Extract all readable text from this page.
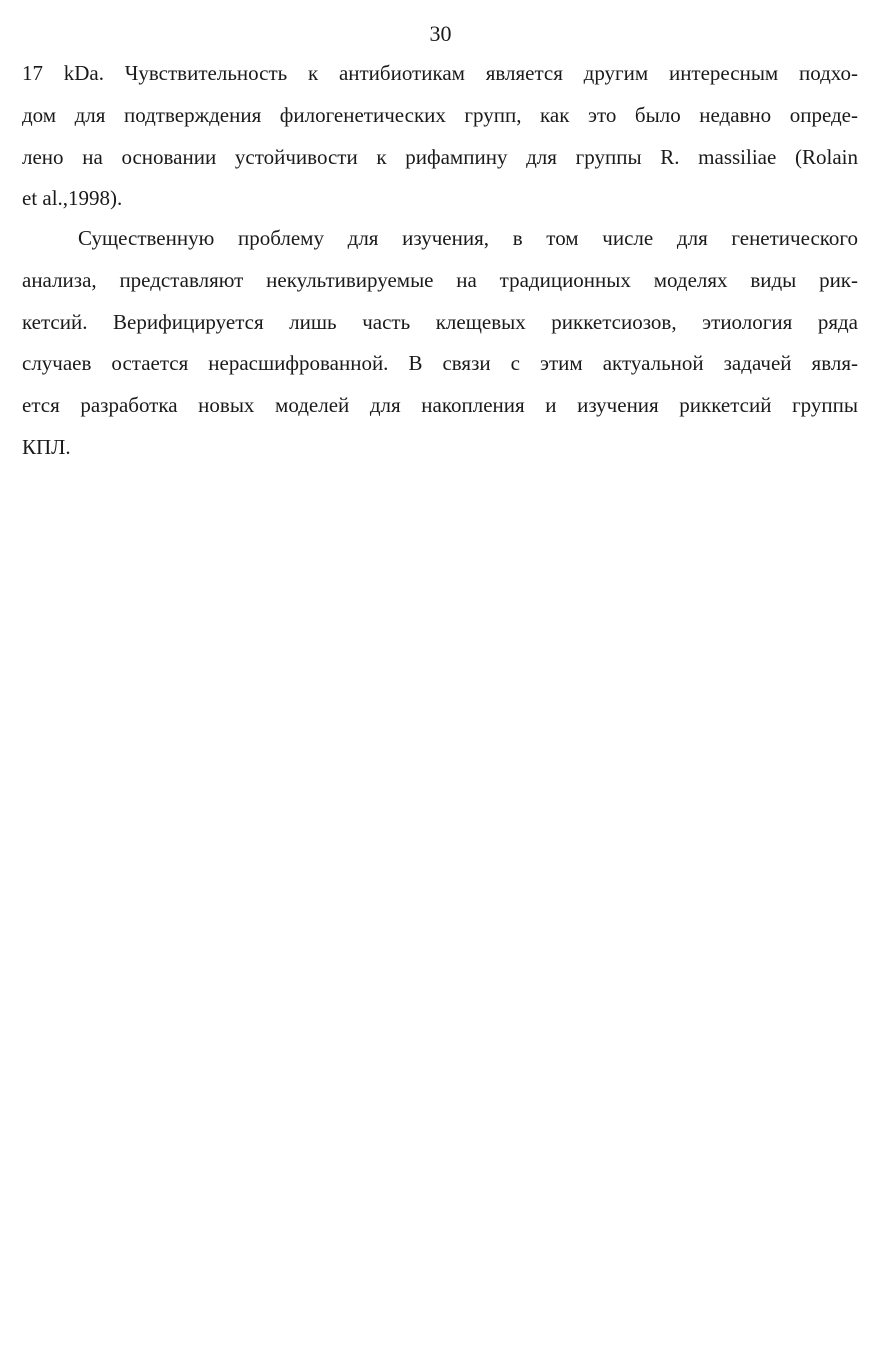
30
17 kDa. Чувствительность к антибиотикам является другим интересным подхо-
дом для подтверждения филогенетических групп, как это было недавно опреде-
лено на основании устойчивости к рифампину для группы R. massiliae (Rolain
et al.,1998).
Существенную проблему для изучения, в том числе для генетического
анализа, представляют некультивируемые на традиционных моделях виды рик-
кетсий. Верифицируется лишь часть клещевых риккетсиозов, этиология ряда
случаев остается нерасшифрованной. В связи с этим актуальной задачей явля-
ется разработка новых моделей для накопления и изучения риккетсий группы
КПЛ.
